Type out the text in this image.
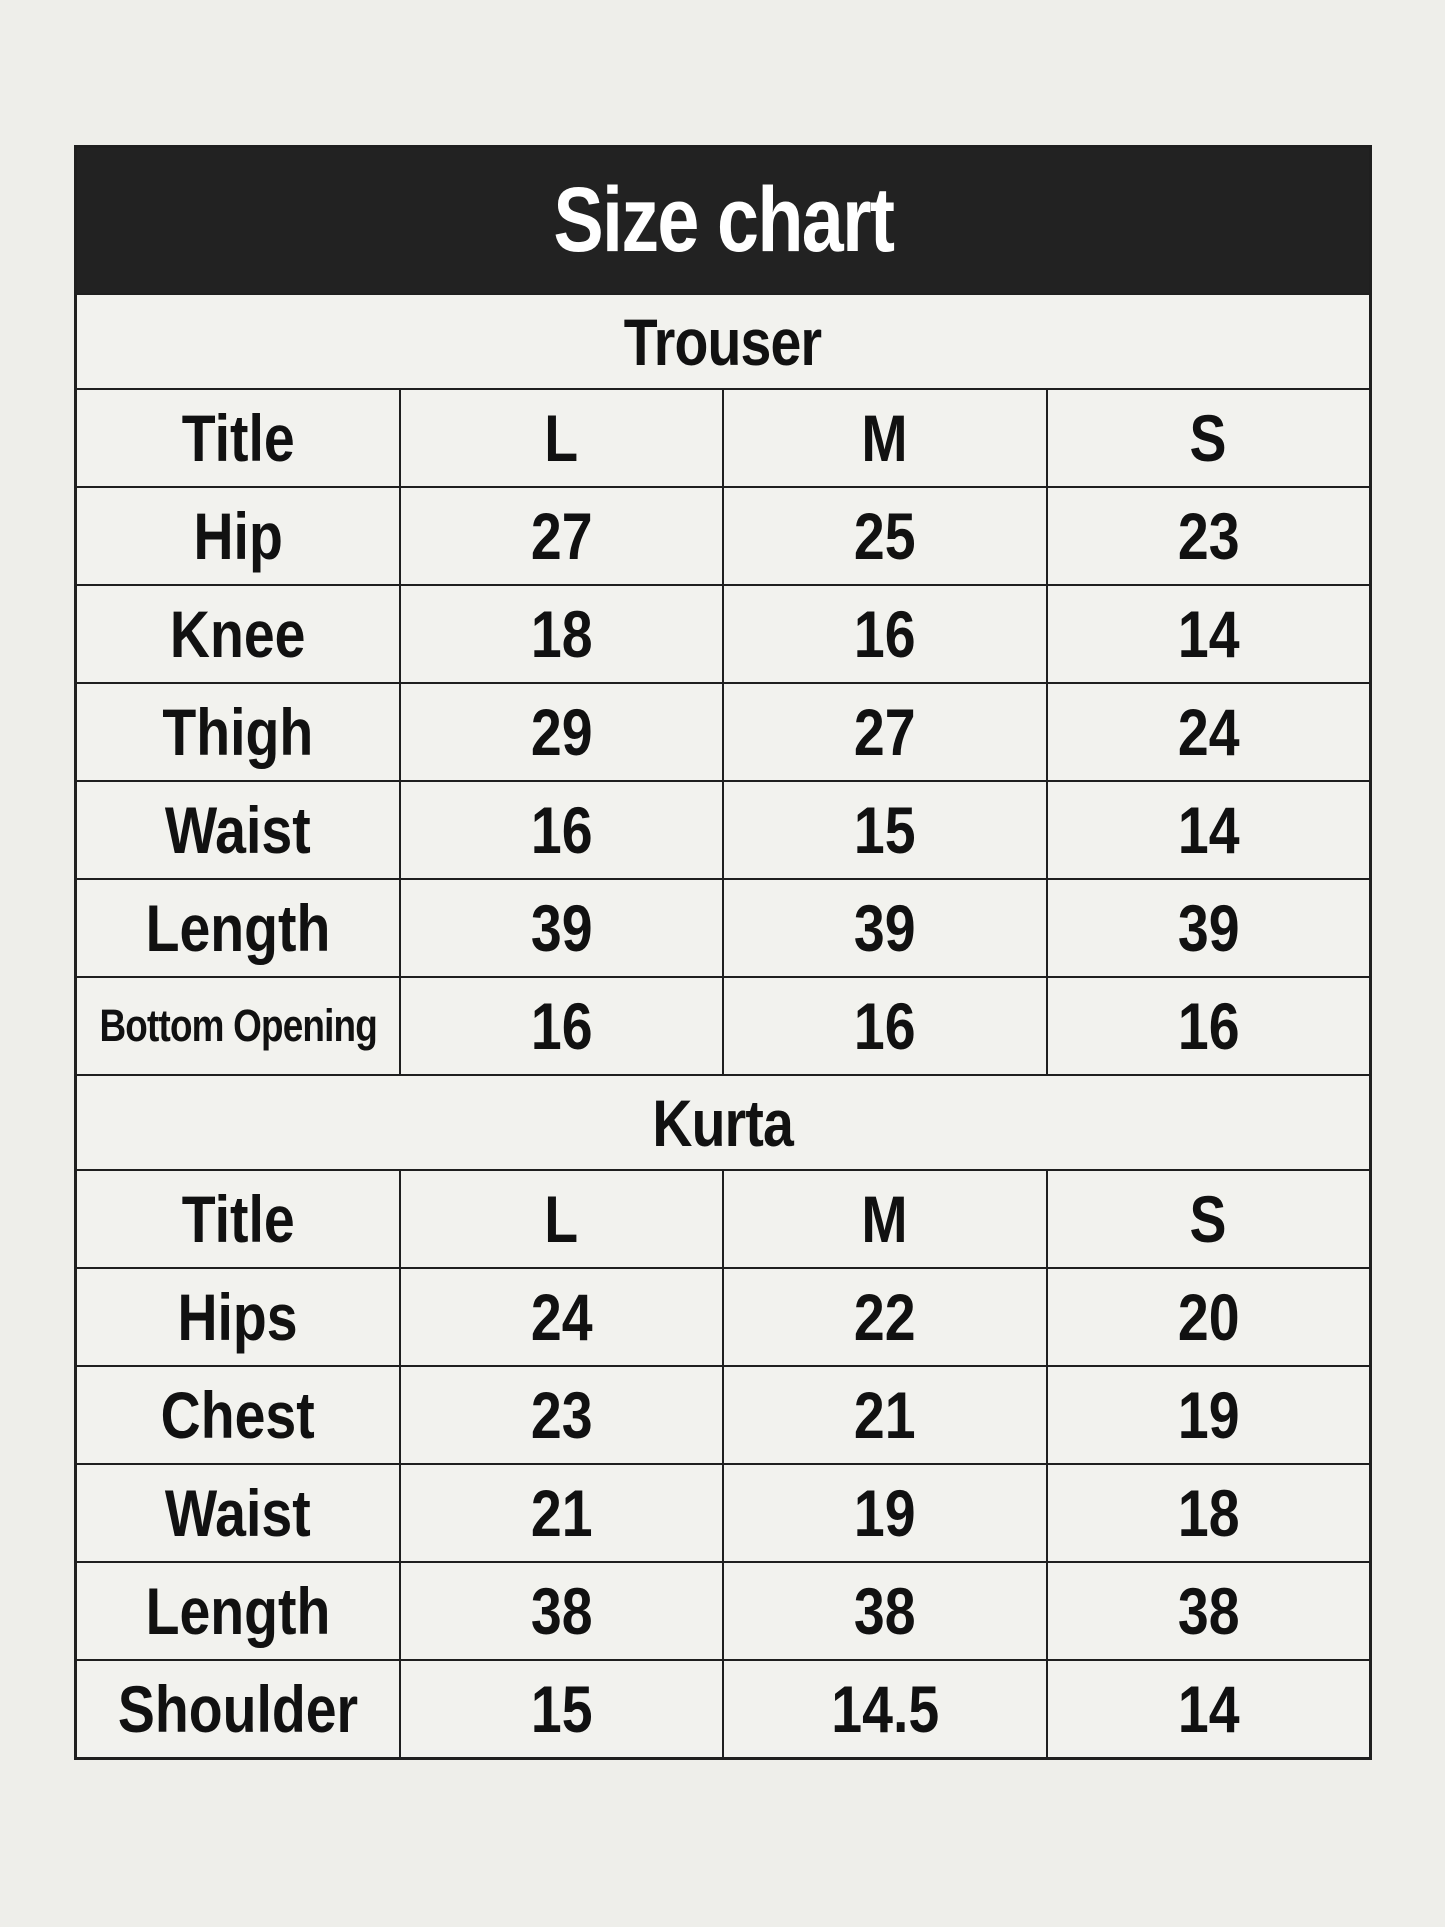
Size chart
Trouser
Title	L	M	S
Hip	27	25	23
Knee	18	16	14
Thigh	29	27	24
Waist	16	15	14
Length	39	39	39
Bottom Opening 16	16	16
Kurta
Title	L	M	S
Hips	24	22	20
Chest	23	21	19
Waist	21	19	18
Length	38	38	38
Shoulder	15	14.5	14
